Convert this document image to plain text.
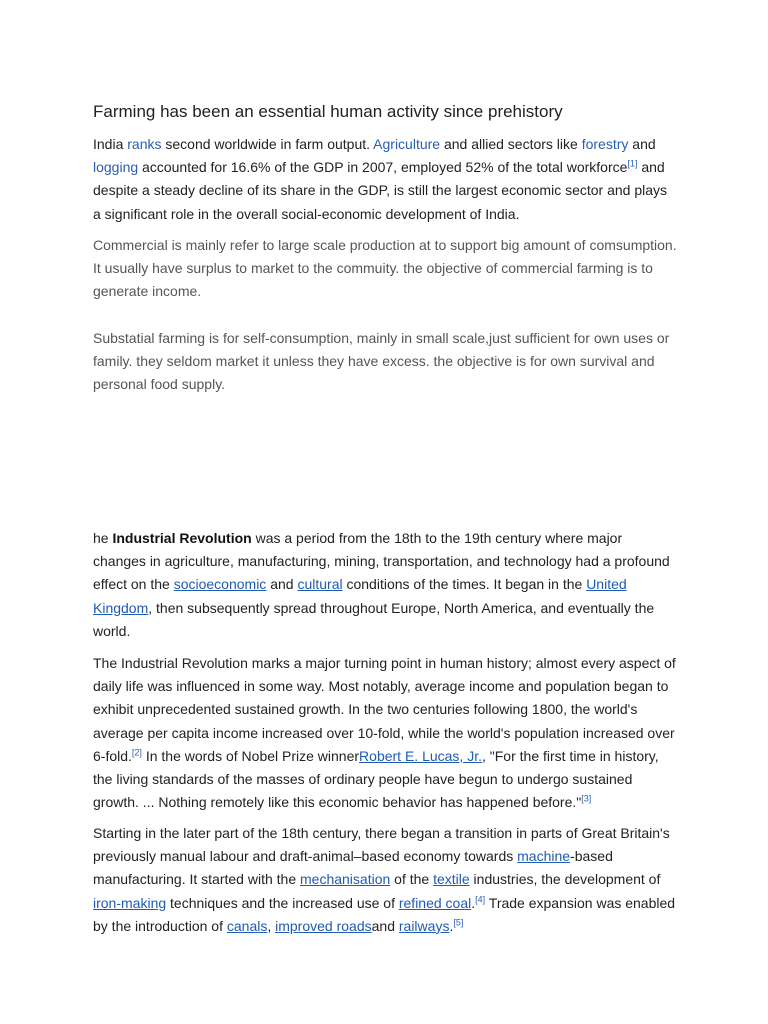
Farming has been an essential human activity since prehistory

India ranks second worldwide in farm output. Agriculture and allied sectors like forestry and logging accounted for 16.6% of the GDP in 2007, employed 52% of the total workforce[1] and despite a steady decline of its share in the GDP, is still the largest economic sector and plays a significant role in the overall social-economic development of India.

Commercial is mainly refer to large scale production at to support big amount of comsumption. It usually have surplus to market to the commuity. the objective of commercial farming is to generate income.

Substatial farming is for self-consumption, mainly in small scale,just sufficient for own uses or family. they seldom market it unless they have excess. the objective is for own survival and personal food supply.

he Industrial Revolution was a period from the 18th to the 19th century where major changes in agriculture, manufacturing, mining, transportation, and technology had a profound effect on the socioeconomic and cultural conditions of the times. It began in the United Kingdom, then subsequently spread throughout Europe, North America, and eventually the world.

The Industrial Revolution marks a major turning point in human history; almost every aspect of daily life was influenced in some way. Most notably, average income and population began to exhibit unprecedented sustained growth. In the two centuries following 1800, the world's average per capita income increased over 10-fold, while the world's population increased over 6-fold.[2] In the words of Nobel Prize winnerRobert E. Lucas, Jr., "For the first time in history, the living standards of the masses of ordinary people have begun to undergo sustained growth. ... Nothing remotely like this economic behavior has happened before."[3]

Starting in the later part of the 18th century, there began a transition in parts of Great Britain's previously manual labour and draft-animal–based economy towards machine-based manufacturing. It started with the mechanisation of the textile industries, the development of iron-making techniques and the increased use of refined coal.[4] Trade expansion was enabled by the introduction of canals, improved roadsand railways.[5]
